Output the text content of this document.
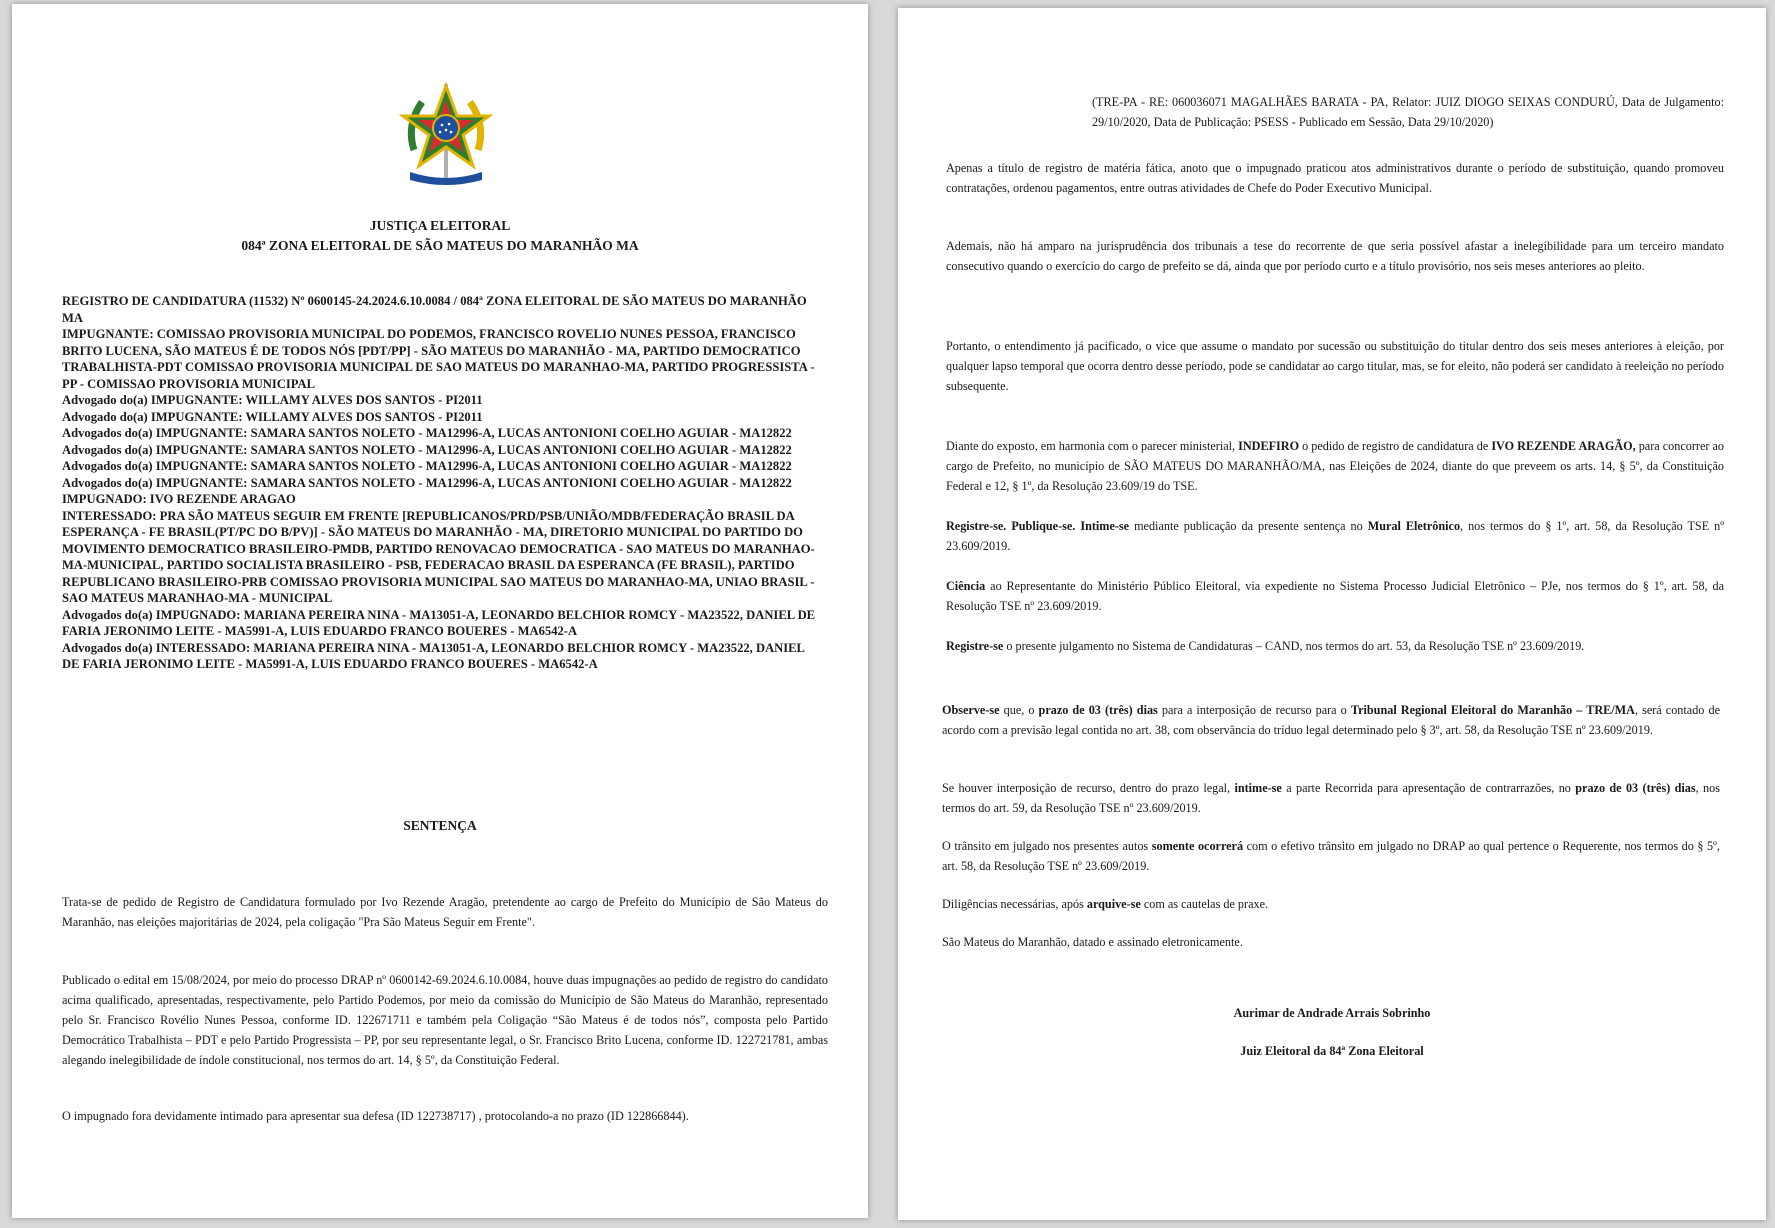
JUSTIÇA ELEITORAL
084ª ZONA ELEITORAL DE SÃO MATEUS DO MARANHÃO MA
REGISTRO DE CANDIDATURA (11532) Nº 0600145-24.2024.6.10.0084 / 084ª ZONA ELEITORAL DE SÃO MATEUS DO MARANHÃO MA
IMPUGNANTE: COMISSAO PROVISORIA MUNICIPAL DO PODEMOS, FRANCISCO ROVELIO NUNES PESSOA, FRANCISCO BRITO LUCENA, SÃO MATEUS É DE TODOS NÓS [PDT/PP] - SÃO MATEUS DO MARANHÃO - MA, PARTIDO DEMOCRATICO TRABALHISTA-PDT COMISSAO PROVISORIA MUNICIPAL DE SAO MATEUS DO MARANHAO-MA, PARTIDO PROGRESSISTA - PP - COMISSAO PROVISORIA MUNICIPAL
Advogado do(a) IMPUGNANTE: WILLAMY ALVES DOS SANTOS - PI2011
Advogado do(a) IMPUGNANTE: WILLAMY ALVES DOS SANTOS - PI2011
Advogados do(a) IMPUGNANTE: SAMARA SANTOS NOLETO - MA12996-A, LUCAS ANTONIONI COELHO AGUIAR - MA12822
Advogados do(a) IMPUGNANTE: SAMARA SANTOS NOLETO - MA12996-A, LUCAS ANTONIONI COELHO AGUIAR - MA12822
Advogados do(a) IMPUGNANTE: SAMARA SANTOS NOLETO - MA12996-A, LUCAS ANTONIONI COELHO AGUIAR - MA12822
Advogados do(a) IMPUGNANTE: SAMARA SANTOS NOLETO - MA12996-A, LUCAS ANTONIONI COELHO AGUIAR - MA12822
IMPUGNADO: IVO REZENDE ARAGAO
INTERESSADO: PRA SÃO MATEUS SEGUIR EM FRENTE [REPUBLICANOS/PRD/PSB/UNIÃO/MDB/FEDERAÇÃO BRASIL DA ESPERANÇA - FE BRASIL(PT/PC DO B/PV)] - SÃO MATEUS DO MARANHÃO - MA, DIRETORIO MUNICIPAL DO PARTIDO DO MOVIMENTO DEMOCRATICO BRASILEIRO-PMDB, PARTIDO RENOVACAO DEMOCRATICA - SAO MATEUS DO MARANHAO-MA-MUNICIPAL, PARTIDO SOCIALISTA BRASILEIRO - PSB, FEDERACAO BRASIL DA ESPERANCA (FE BRASIL), PARTIDO REPUBLICANO BRASILEIRO-PRB COMISSAO PROVISORIA MUNICIPAL SAO MATEUS DO MARANHAO-MA, UNIAO BRASIL - SAO MATEUS MARANHAO-MA - MUNICIPAL
Advogados do(a) IMPUGNADO: MARIANA PEREIRA NINA - MA13051-A, LEONARDO BELCHIOR ROMCY - MA23522, DANIEL DE FARIA JERONIMO LEITE - MA5991-A, LUIS EDUARDO FRANCO BOUERES - MA6542-A
Advogados do(a) INTERESSADO: MARIANA PEREIRA NINA - MA13051-A, LEONARDO BELCHIOR ROMCY - MA23522, DANIEL DE FARIA JERONIMO LEITE - MA5991-A, LUIS EDUARDO FRANCO BOUERES - MA6542-A
SENTENÇA
Trata-se de pedido de Registro de Candidatura formulado por Ivo Rezende Aragão, pretendente ao cargo de Prefeito do Município de São Mateus do Maranhão, nas eleições majoritárias de 2024, pela coligação "Pra São Mateus Seguir em Frente".
Publicado o edital em 15/08/2024, por meio do processo DRAP nº 0600142-69.2024.6.10.0084, houve duas impugnações ao pedido de registro do candidato acima qualificado, apresentadas, respectivamente, pelo Partido Podemos, por meio da comissão do Município de São Mateus do Maranhão, representado pelo Sr. Francisco Rovélio Nunes Pessoa, conforme ID. 122671711 e também pela Coligação “São Mateus é de todos nós”, composta pelo Partido Democrático Trabalhista – PDT e pelo Partido Progressista – PP, por seu representante legal, o Sr. Francisco Brito Lucena, conforme ID. 122721781, ambas alegando inelegibilidade de índole constitucional, nos termos do art. 14, § 5º, da Constituição Federal.
O impugnado fora devidamente intimado para apresentar sua defesa (ID 122738717) , protocolando-a no prazo (ID 122866844).
(TRE-PA - RE: 060036071 MAGALHÃES BARATA - PA, Relator: JUIZ DIOGO SEIXAS CONDURÚ, Data de Julgamento: 29/10/2020, Data de Publicação: PSESS - Publicado em Sessão, Data 29/10/2020)
Apenas a título de registro de matéria fática, anoto que o impugnado praticou atos administrativos durante o período de substituição, quando promoveu contratações, ordenou pagamentos, entre outras atividades de Chefe do Poder Executivo Municipal.
Ademais, não há amparo na jurisprudência dos tribunais a tese do recorrente de que seria possível afastar a inelegibilidade para um terceiro mandato consecutivo quando o exercício do cargo de prefeito se dá, ainda que por período curto e a título provisório, nos seis meses anteriores ao pleito.
Portanto, o entendimento já pacificado, o vice que assume o mandato por sucessão ou substituição do titular dentro dos seis meses anteriores à eleição, por qualquer lapso temporal que ocorra dentro desse período, pode se candidatar ao cargo titular, mas, se for eleito, não poderá ser candidato à reeleição no período subsequente.
Diante do exposto, em harmonia com o parecer ministerial, INDEFIRO o pedido de registro de candidatura de IVO REZENDE ARAGÃO, para concorrer ao cargo de Prefeito, no município de SÃO MATEUS DO MARANHÃO/MA, nas Eleições de 2024, diante do que preveem os arts. 14, § 5º, da Constituição Federal e 12, § 1º, da Resolução 23.609/19 do TSE.
Registre-se. Publique-se. Intime-se mediante publicação da presente sentença no Mural Eletrônico, nos termos do § 1º, art. 58, da Resolução TSE nº 23.609/2019.
Ciência ao Representante do Ministério Público Eleitoral, via expediente no Sistema Processo Judicial Eletrônico – PJe, nos termos do § 1º, art. 58, da Resolução TSE nº 23.609/2019.
Registre-se o presente julgamento no Sistema de Candidaturas – CAND, nos termos do art. 53, da Resolução TSE nº 23.609/2019.
Observe-se que, o prazo de 03 (três) dias para a interposição de recurso para o Tribunal Regional Eleitoral do Maranhão – TRE/MA, será contado de acordo com a previsão legal contida no art. 38, com observância do tríduo legal determinado pelo § 3º, art. 58, da Resolução TSE nº 23.609/2019.
Se houver interposição de recurso, dentro do prazo legal, intime-se a parte Recorrida para apresentação de contrarrazões, no prazo de 03 (três) dias, nos termos do art. 59, da Resolução TSE nº 23.609/2019.
O trânsito em julgado nos presentes autos somente ocorrerá com o efetivo trânsito em julgado no DRAP ao qual pertence o Requerente, nos termos do § 5º, art. 58, da Resolução TSE nº 23.609/2019.
Diligências necessárias, após arquive-se com as cautelas de praxe.
São Mateus do Maranhão, datado e assinado eletronicamente.
Aurimar de Andrade Arrais Sobrinho
Juiz Eleitoral da 84ª Zona Eleitoral
